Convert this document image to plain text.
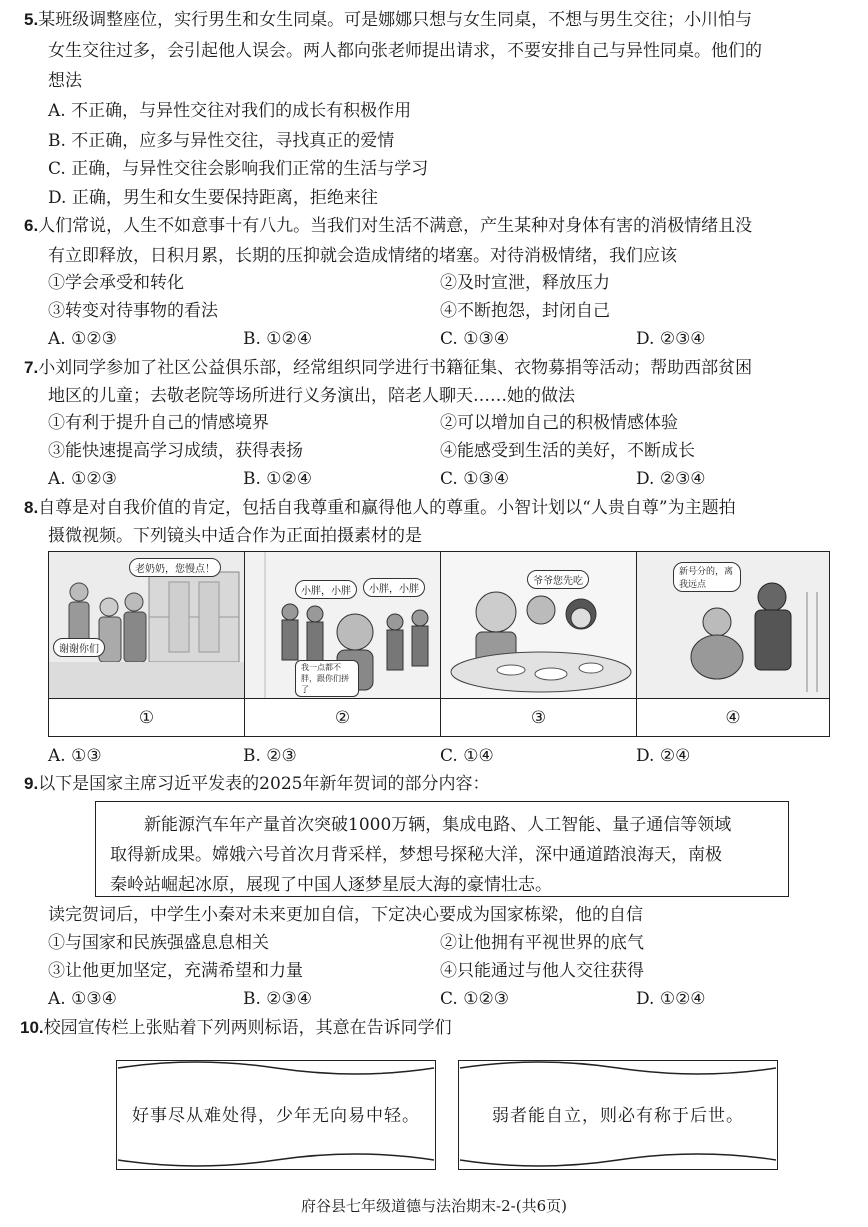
5.某班级调整座位，实行男生和女生同桌。可是娜娜只想与女生同桌，不想与男生交往；小川怕与
女生交往过多，会引起他人误会。两人都向张老师提出请求，不要安排自己与异性同桌。他们的
想法
A. 不正确，与异性交往对我们的成长有积极作用
B. 不正确，应多与异性交往，寻找真正的爱情
C. 正确，与异性交往会影响我们正常的生活与学习
D. 正确，男生和女生要保持距离，拒绝来往
6.人们常说，人生不如意事十有八九。当我们对生活不满意，产生某种对身体有害的消极情绪且没
有立即释放，日积月累，长期的压抑就会造成情绪的堵塞。对待消极情绪，我们应该
①学会承受和转化	②及时宣泄，释放压力
③转变对待事物的看法	④不断抱怨，封闭自己
A. ①②③	B. ①②④	C. ①③④	D. ②③④
7.小刘同学参加了社区公益俱乐部，经常组织同学进行书籍征集、衣物募捐等活动；帮助西部贫困
地区的儿童；去敬老院等场所进行义务演出，陪老人聊天……她的做法
①有利于提升自己的情感境界	②可以增加自己的积极情感体验
③能快速提高学习成绩，获得表扬	④能感受到生活的美好，不断成长
A. ①②③	B. ①②④	C. ①③④	D. ②③④
8.自尊是对自我价值的肯定，包括自我尊重和赢得他人的尊重。小智计划以“人贵自尊”为主题拍
摄微视频。下列镜头中适合作为正面拍摄素材的是
老奶奶，您慢点！
谢谢你们
小胖，小胖	小胖，小胖
我一点都不胖，跟你们拼了
爷爷您先吃
新号分的，离我远点
①	②	③	④
A. ①③	B. ②③	C. ①④	D. ②④
9.以下是国家主席习近平发表的2025年新年贺词的部分内容：
新能源汽车年产量首次突破1000万辆，集成电路、人工智能、量子通信等领域
取得新成果。嫦娥六号首次月背采样，梦想号探秘大洋，深中通道踏浪海天，南极
秦岭站崛起冰原，展现了中国人逐梦星辰大海的豪情壮志。
读完贺词后，中学生小秦对未来更加自信，下定决心要成为国家栋梁，他的自信
①与国家和民族强盛息息相关	②让他拥有平视世界的底气
③让他更加坚定，充满希望和力量	④只能通过与他人交往获得
A. ①③④	B. ②③④	C. ①②③	D. ①②④
10.校园宣传栏上张贴着下列两则标语，其意在告诉同学们
好事尽从难处得，少年无向易中轻。	弱者能自立，则必有称于后世。
府谷县七年级道德与法治期末-2-(共6页)
